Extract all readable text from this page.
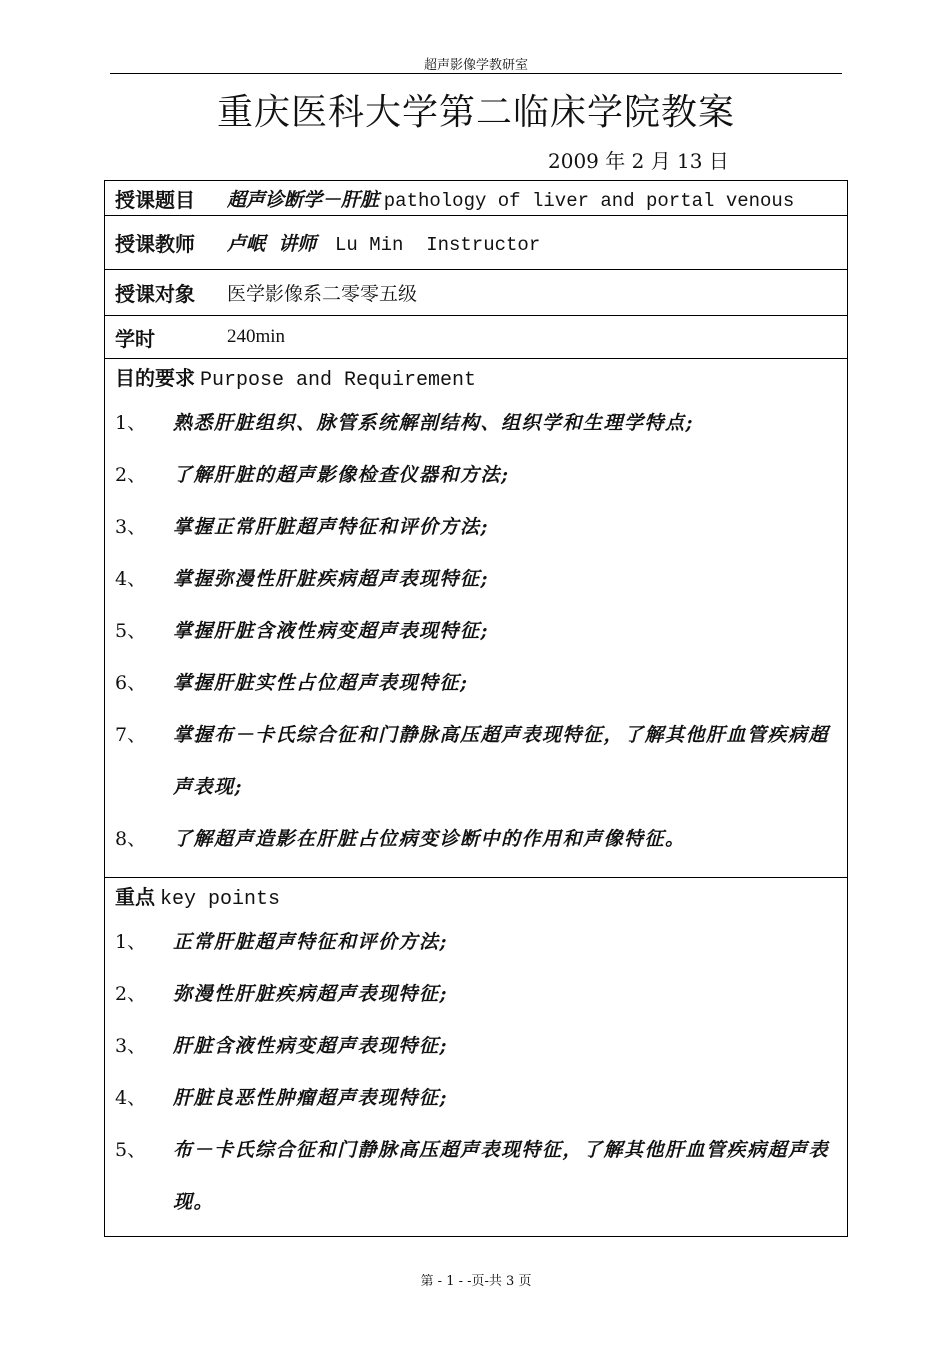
超声影像学教研室
重庆医科大学第二临床学院教案
2009 年 2 月 13 日
授课题目	超声诊断学－肝脏 pathology of liver and portal venous
授课教师	卢岷  讲师 Lu Min  Instructor
授课对象	医学影像系二零零五级
学时	240min
目的要求 Purpose and Requirement
1、	熟悉肝脏组织、脉管系统解剖结构、组织学和生理学特点;
2、	了解肝脏的超声影像检查仪器和方法;
3、	掌握正常肝脏超声特征和评价方法;
4、	掌握弥漫性肝脏疾病超声表现特征;
5、	掌握肝脏含液性病变超声表现特征;
6、	掌握肝脏实性占位超声表现特征;
7、	掌握布－卡氏综合征和门静脉高压超声表现特征，了解其他肝血管疾病超声表现;
8、	了解超声造影在肝脏占位病变诊断中的作用和声像特征。
重点 key points
1、	正常肝脏超声特征和评价方法;
2、	弥漫性肝脏疾病超声表现特征;
3、	肝脏含液性病变超声表现特征;
4、	肝脏良恶性肿瘤超声表现特征;
5、	布－卡氏综合征和门静脉高压超声表现特征，了解其他肝血管疾病超声表现。
第 - 1 - -页-共 3 页
